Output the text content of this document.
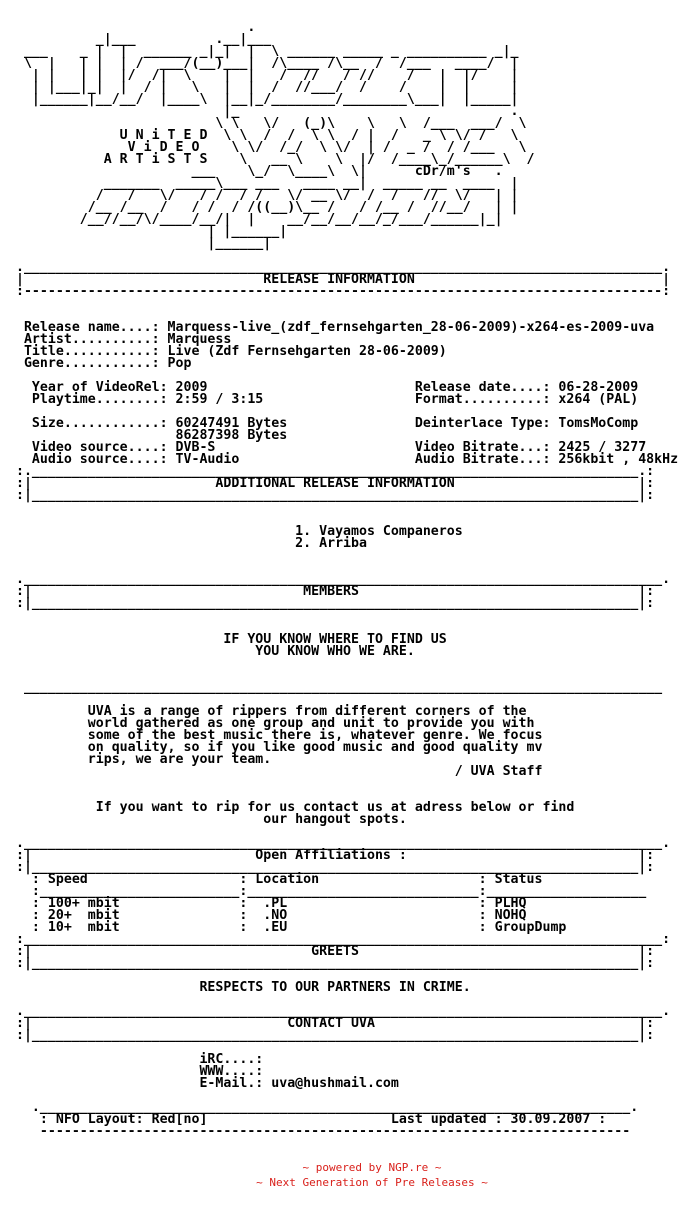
.
_|___          .__|___
___    _ |  |  ______ _|_|  |  \ ______ _____ _ __________ _|_
\  |   | |  | /  ___/(__)___|  /\____ /\__  /  /___   ____/  |
| |   | |  |/  /|  \    |  |   /  //   / //    /   |  |/    |
| |___|_|  |  / |   \   |  |  /  //___/  /    /    |  |     |
|______|__/__/  |____\  |__|_/________/________\___|  |_____|
|_                                  .
\ \   \/   (_)\    \   \  /___  ___/  \
U N i T E D  \ \  /  /  \ \  / |  /   _ \ \/ /   \
V i D E O    \ \/  /_/  \ \/  | /  _ /  / /___   \
A R T i S T S    \   __ \    \  |/  /____\_/______\  /
___    \_/  \____\  \|      cDr/m's   .
_______  _____\___ ___   ____ __|  _____ __  ____  |
/   /   \/   / /  / /   \/ __ \/  /  /   //  \/   | |
/__ /__  /   / /  / /((__)\__ /   / /__ /  //__/   | |
/__//__/\/____/__/|  |    __/__/__/__/_/___/______|_|
| |______|
|______|
.________________________________________________________________________________.
|                              RELEASE INFORMATION                               |
:--------------------------------------------------------------------------------:
Release name....: Marquess-live_(zdf_fernsehgarten_28-06-2009)-x264-es-2009-uva
Artist..........: Marquess
Title...........: Live (Zdf Fernsehgarten 28-06-2009)
Genre...........: Pop
Year of VideoRel: 2009                          Release date....: 06-28-2009
Playtime........: 2:59 / 3:15                   Format..........: x264 (PAL)
Size............: 60247491 Bytes                Deinterlace Type: TomsMoComp
86287398 Bytes
Video source....: DVB-S                         Video Bitrate...: 2425 / 3277
Audio source....: TV-Audio                      Audio Bitrate...: 256kbit , 48kHz
:.____________________________________________________________________________.:
:|                       ADDITIONAL RELEASE INFORMATION                       |:
:|____________________________________________________________________________|:
1. Vayamos Companeros
2. Arriba
.________________________________________________________________________________.
:|                                  MEMBERS                                   |:
:|____________________________________________________________________________|:
IF YOU KNOW WHERE TO FIND US
YOU KNOW WHO WE ARE.
________________________________________________________________________________
UVA is a range of rippers from different corners of the
world gathered as one group and unit to provide you with
some of the best music there is, whatever genre. We focus
on quality, so if you like good music and good quality mv
rips, we are your team.
/ UVA Staff
If you want to rip for us contact us at adress below or find
our hangout spots.
.________________________________________________________________________________.
:|                            Open Affiliations :                             |:
:|____________________________________________________________________________|:
: Speed                   : Location                    : Status
:_________________________:_____________________________:____________________
: 100+ mbit               :  .PL                        : PLHQ
: 20+  mbit               :  .NO                        : NOHQ
: 10+  mbit               :  .EU                        : GroupDump
:________________________________________________________________________________:
:|                                   GREETS                                   |:
:|____________________________________________________________________________|:
RESPECTS TO OUR PARTNERS IN CRIME.
.________________________________________________________________________________.
:|                                CONTACT UVA                                 |:
:|____________________________________________________________________________|:
iRC....:
WWW....:
E-Mail.: uva@hushmail.com
.__________________________________________________________________________.
: NFO Layout: Red[no]                       Last updated : 30.09.2007 :
--------------------------------------------------------------------------
~ powered by NGP.re ~
~ Next Generation of Pre Releases ~
